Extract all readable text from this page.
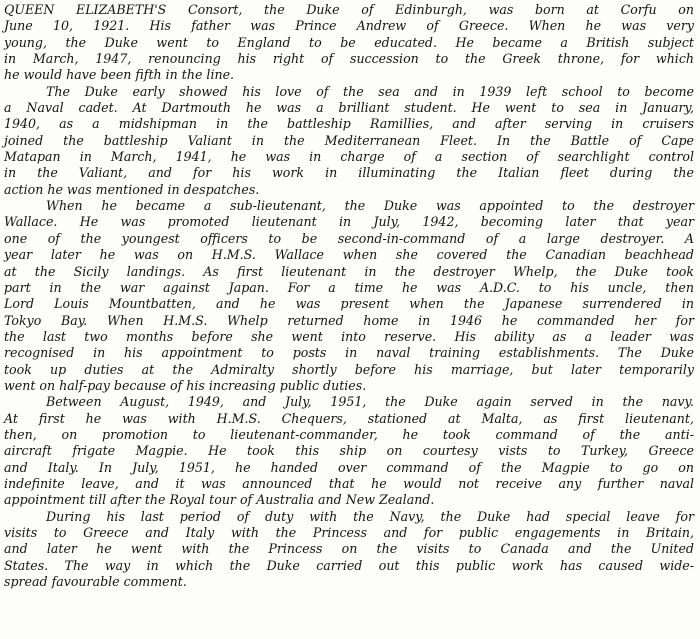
QUEEN ELIZABETH'S Consort, the Duke of Edinburgh, was born at Corfu on
June 10, 1921. His father was Prince Andrew of Greece. When he was very
young, the Duke went to England to be educated. He became a British subject
in March, 1947, renouncing his right of succession to the Greek throne, for which
he would have been fifth in the line.
The Duke early showed his love of the sea and in 1939 left school to become
a Naval cadet. At Dartmouth he was a brilliant student. He went to sea in January,
1940, as a midshipman in the battleship Ramillies, and after serving in cruisers
joined the battleship Valiant in the Mediterranean Fleet. In the Battle of Cape
Matapan in March, 1941, he was in charge of a section of searchlight control
in the Valiant, and for his work in illuminating the Italian fleet during the
action he was mentioned in despatches.
When he became a sub-lieutenant, the Duke was appointed to the destroyer
Wallace. He was promoted lieutenant in July, 1942, becoming later that year
one of the youngest officers to be second-in-command of a large destroyer. A
year later he was on H.M.S. Wallace when she covered the Canadian beachhead
at the Sicily landings. As first lieutenant in the destroyer Whelp, the Duke took
part in the war against Japan. For a time he was A.D.C. to his uncle, then
Lord Louis Mountbatten, and he was present when the Japanese surrendered in
Tokyo Bay. When H.M.S. Whelp returned home in 1946 he commanded her for
the last two months before she went into reserve. His ability as a leader was
recognised in his appointment to posts in naval training establishments. The Duke
took up duties at the Admiralty shortly before his marriage, but later temporarily
went on half-pay because of his increasing public duties.
Between August, 1949, and July, 1951, the Duke again served in the navy.
At first he was with H.M.S. Chequers, stationed at Malta, as first lieutenant,
then, on promotion to lieutenant-commander, he took command of the anti-
aircraft frigate Magpie. He took this ship on courtesy vists to Turkey, Greece
and Italy. In July, 1951, he handed over command of the Magpie to go on
indefinite leave, and it was announced that he would not receive any further naval
appointment till after the Royal tour of Australia and New Zealand.
During his last period of duty with the Navy, the Duke had special leave for
visits to Greece and Italy with the Princess and for public engagements in Britain,
and later he went with the Princess on the visits to Canada and the United
States. The way in which the Duke carried out this public work has caused wide-
spread favourable comment.
